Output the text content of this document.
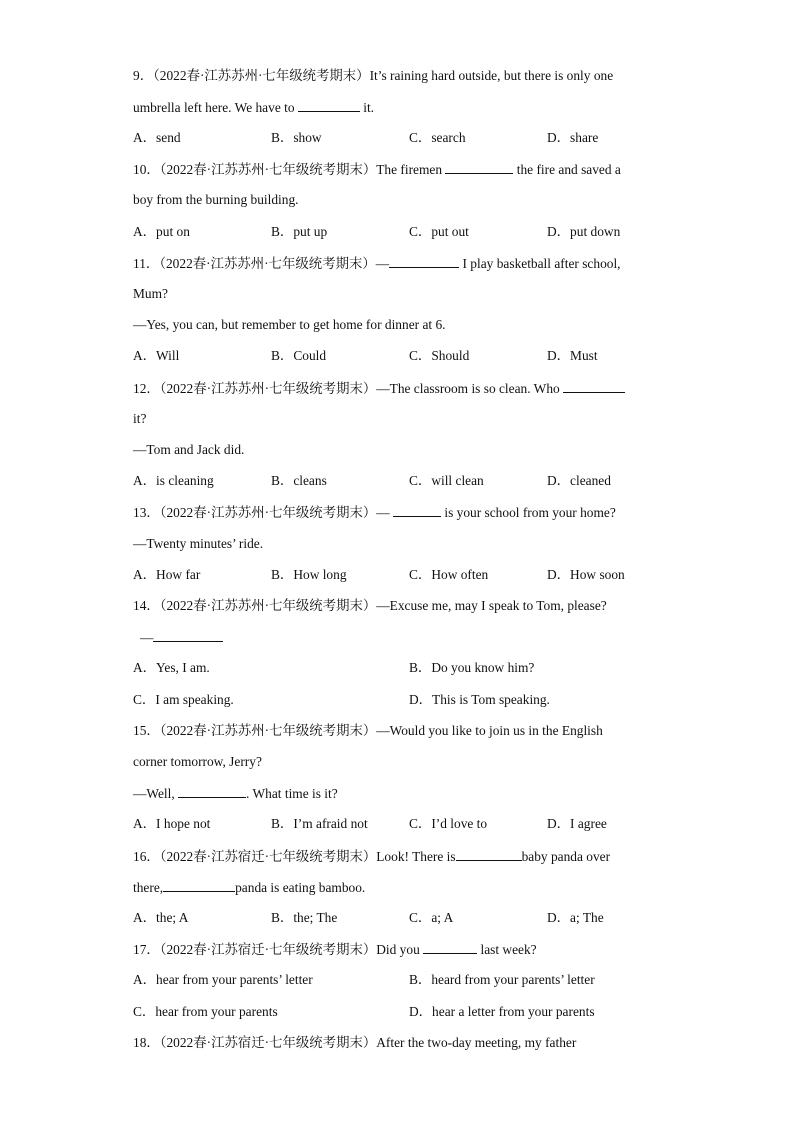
9．（2022春·江苏苏州·七年级统考期末）It’s raining hard outside, but there is only one
umbrella left here. We have to	it.
A．send	B．show	C．search	D．share
10．（2022春·江苏苏州·七年级统考期末）The firemen	the fire and saved a
boy from the burning building.
A．put on	B．put up	C．put out	D．put down
11．（2022春·江苏苏州·七年级统考期末）—	I play basketball after school,
Mum?
—Yes, you can, but remember to get home for dinner at 6.
A．Will	B．Could	C．Should	D．Must
12．（2022春·江苏苏州·七年级统考期末）—The classroom is so clean. Who
it?
—Tom and Jack did.
A．is cleaning	B．cleans	C．will clean	D．cleaned
13．（2022春·江苏苏州·七年级统考期末）—	is your school from your home?
—Twenty minutes’ ride.
A．How far	B．How long	C．How often	D．How soon
14．（2022春·江苏苏州·七年级统考期末）—Excuse me, may I speak to Tom, please?
—
A．Yes, I am.	B．Do you know him?
C．I am speaking.	D．This is Tom speaking.
15．（2022春·江苏苏州·七年级统考期末）—Would you like to join us in the English
corner tomorrow, Jerry?
—Well,	. What time is it?
A．I hope not	B．I’m afraid not	C．I’d love to	D．I agree
16．（2022春·江苏宿迁·七年级统考期末）Look! There is	baby panda over
there,	panda is eating bamboo.
A．the; A	B．the; The	C．a; A	D．a; The
17．（2022春·江苏宿迁·七年级统考期末）Did you	last week?
A．hear from your parents’ letter	B．heard from your parents’ letter
C．hear from your parents	D．hear a letter from your parents
18．（2022春·江苏宿迁·七年级统考期末）After the two-day meeting, my father
